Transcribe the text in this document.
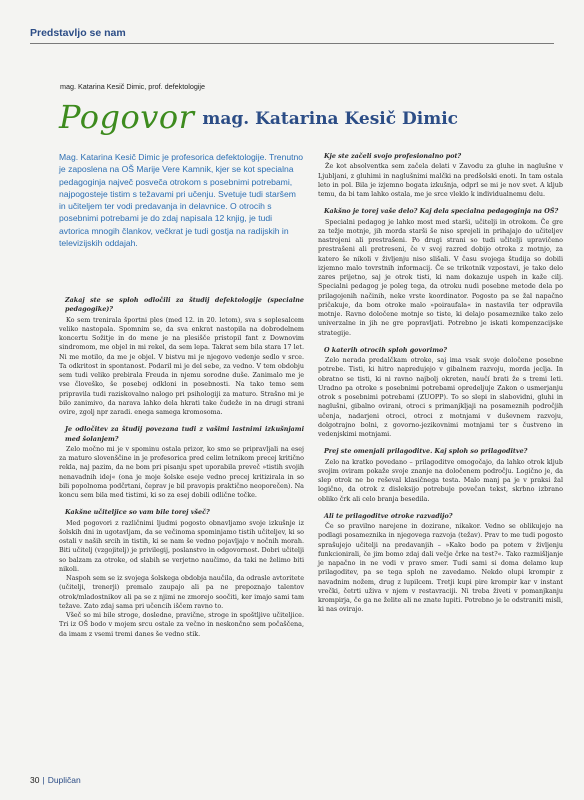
Predstavljo se nam
mag. Katarina Kesič Dimic, prof. defektologije
Pogovor mag. Katarina Kesič Dimic

Mag. Katarina Kesič Dimic je profesorica defektologije. Trenutno je zaposlena na OŠ Marije Vere Kamnik, kjer se kot specialna pedagoginja največ posveča otrokom s posebnimi potrebami, najpogosteje tistim s težavami pri učenju. Svetuje tudi staršem in učiteljem ter vodi predavanja in delavnice. O otrocih s posebnimi potrebami je do zdaj napisala 12 knjig, je tudi avtorica mnogih člankov, večkrat je tudi gostja na radijskih in televizijskih oddajah.

Zakaj ste se sploh odločili za študij defektologije (specialne pedagogike)?

Ko sem trenirala športni ples (med 12. in 20. letom), sva s soplesalcem veliko nastopala. Spomnim se, da sva enkrat nastopila na dobrodelnem koncertu Sožitje in do mene je na plesišče pristopil fant z Downovim sindromom, me objel in mi rekel, da sem lepa. Takrat sem bila stara 17 let. Ni me motilo, da me je objel. V bistvu mi je njegovo vedenje sedlo v srce. Ta odkritost in spontanost. Podaril mi je del sebe, za vedno. V tem obdobju sem tudi veliko prebirala Freuda in njemu sorodne duše. Zanimalo me je vse človeško, še posebej odkloni in posebnosti. Na tako temo sem pripravila tudi raziskovalno nalogo pri psihologiji za maturo. Strašno mi je bilo zanimivo, da narava lahko dela hkrati take čudeže in na drugi strani ovire, zgolj npr zaradi. enega samega kromosoma.

Je odločitev za študij povezana tudi z vašimi lastnimi izkušnjami med šolanjem?

Zelo močno mi je v spominu ostala prizor, ko smo se pripravljali na esej za maturo slovenščine in je profesorica pred celim letnikom precej kritično rekla, naj pazim, da ne bom pri pisanju spet uporabila preveč »tistih svojih nenavadnih idej« (ona je moje šolske eseje vedno precej kritizirala in so bili popolnoma podčrtani, čeprav je bil pravopis praktično neoporečen). Na koncu sem bila med tistimi, ki so za esej dobili odlične točke.

Kakšne učiteljice so vam bile torej všeč?

Med pogovori z različnimi ljudmi pogosto obnavljamo svoje izkušnje iz šolskih dni in ugotavljam, da se večinoma spominjamo tistih učiteljev, ki so ostali v naših srcih in tistih, ki se nam še vedno pojavljajo v nočnih morah. Biti učitelj (vzgojitelj) je privilegij, poslanstvo in odgovornost. Dobri učitelji so balzam za otroke, od slabih se verjetno naučimo, da taki ne želimo biti nikoli.

Naspoh sem se iz svojega šolskega obdobja naučila, da odrasle avtoritete (učitelji, trenerji) premalo zaupajo ali pa ne prepoznajo talentov otrok/mladostnikov ali pa se z njimi ne zmorejo soočiti, ker imajo sami tam težave. Zato zdaj sama pri učencih iščem ravno to.

Všeč so mi bile stroge, dosledne, pravične, stroge in spoštljive učiteljice. Tri iz OŠ bodo v mojem srcu ostale za večno in neskončno sem počaščena, da imam z vsemi tremi danes še vedno stik.

Kje ste začeli svojo profesionalno pot?

Že kot absolventka sem začela delati v Zavodu za gluhe in naglušne v Ljubljani, z gluhimi in naglušnimi malčki na predšolski enoti. In tam ostala leto in pol. Bila je izjemno bogata izkušnja, odprl se mi je nov svet. A kljub temu, da bi tam lahko ostala, me je srce vleklo k individualnemu delu.

Kakšno je torej vaše delo? Kaj dela specialna pedagoginja na OŠ?

Specialni pedagog je lahko most med starši, učitelji in otrokom. Če gre za težje motnje, jih morda starši še niso sprejeli in prihajajo do učiteljev nastrojeni ali prestrašeni. Po drugi strani so tudi učitelji upravičeno prestrašeni ali pretreseni, če v svoj razred dobijo otroka z motnjo, za katero še nikoli v življenju niso slišali. V času svojega študija so dobili izjemno malo tovrstnih informacij. Če se trikotnik vzpostavi, je tako delo zares prijetno, saj je otrok tisti, ki nam dokazuje uspeh in kaže cilj. Specialni pedagog je poleg tega, da otroku nudi posebne metode dela po prilagojenih načinih, neke vrste koordinator. Pogosto pa se žal napačno pričakuje, da bom otroke malo »poiraufala« in nastavila ter odpravila motnje. Ravno določene motnje so tiste, ki delajo posameznike tako zelo univerzalne in jih ne gre popravljati. Potrebno je iskati kompenzacijske strategije.

O katerih otrocih sploh govorimo?

Zelo nerada predalčkam otroke, saj ima vsak svoje določene posebne potrebe. Tisti, ki hitro napredujejo v gibalnem razvoju, morda jeclja. In obratno se tisti, ki ni ravno najbolj okreten, naučí brati že s tremi leti. Uradno pa otroke s posebnimi potrebami opredeljuje Zakon o usmerjanju otrok s posebnimi potrebami (ZUOPP). To so slepi in slabovidni, gluhi in naglušni, gibalno ovirani, otroci s primanjkljaji na posameznih področjih učenja, nadarjeni otroci, otroci z motnjami v duševnem razvoju, dolgotrajno bolni, z govorno-jezikovnimi motnjami ter s čustveno in vedenjskimi motnjami.

Prej ste omenjali prilagoditve. Kaj sploh so prilagoditve?

Zelo na kratko povedano – prilagoditve omogočajo, da lahko otrok kljub svojim oviram pokaže svoje znanje na določenem področju. Logično je, da slep otrok ne bo reševal klasičnega testa. Malo manj pa je v praksi žal logično, da otrok z disleksijo potrebuje povečan tekst, skrbno izbrano obliko črk ali celo branja besedila.

Ali te prilagoditve otroke razvadijo?

Če so pravilno narejene in dozirane, nikakor. Vedno se oblikujejo na podlagi posameznika in njegovega razvoja (težav). Prav to me tudi pogosto sprašujejo učitelji na predavanjih – »Kako bodo pa potem v življenju funkcionirali, če jim bomo zdaj dali večje črke na test?«. Tako razmišljanje je napačno in ne vodi v pravo smer. Tudi sami si doma delamo kup prilagoditev, pa se tega sploh ne zavedamo. Nekdo olupi krompir z navadnim nožem, drug z lupilcem. Tretji kupi pire krompir kar v instant vrečki, četrti uživa v njem v restavraciji. Ni treba živeti v pomanjkanju krompirja, če ga ne želite ali ne znate lupiti. Potrebno je le odstraniti misli, ki nas ovirajo.

30 | Dupličan
